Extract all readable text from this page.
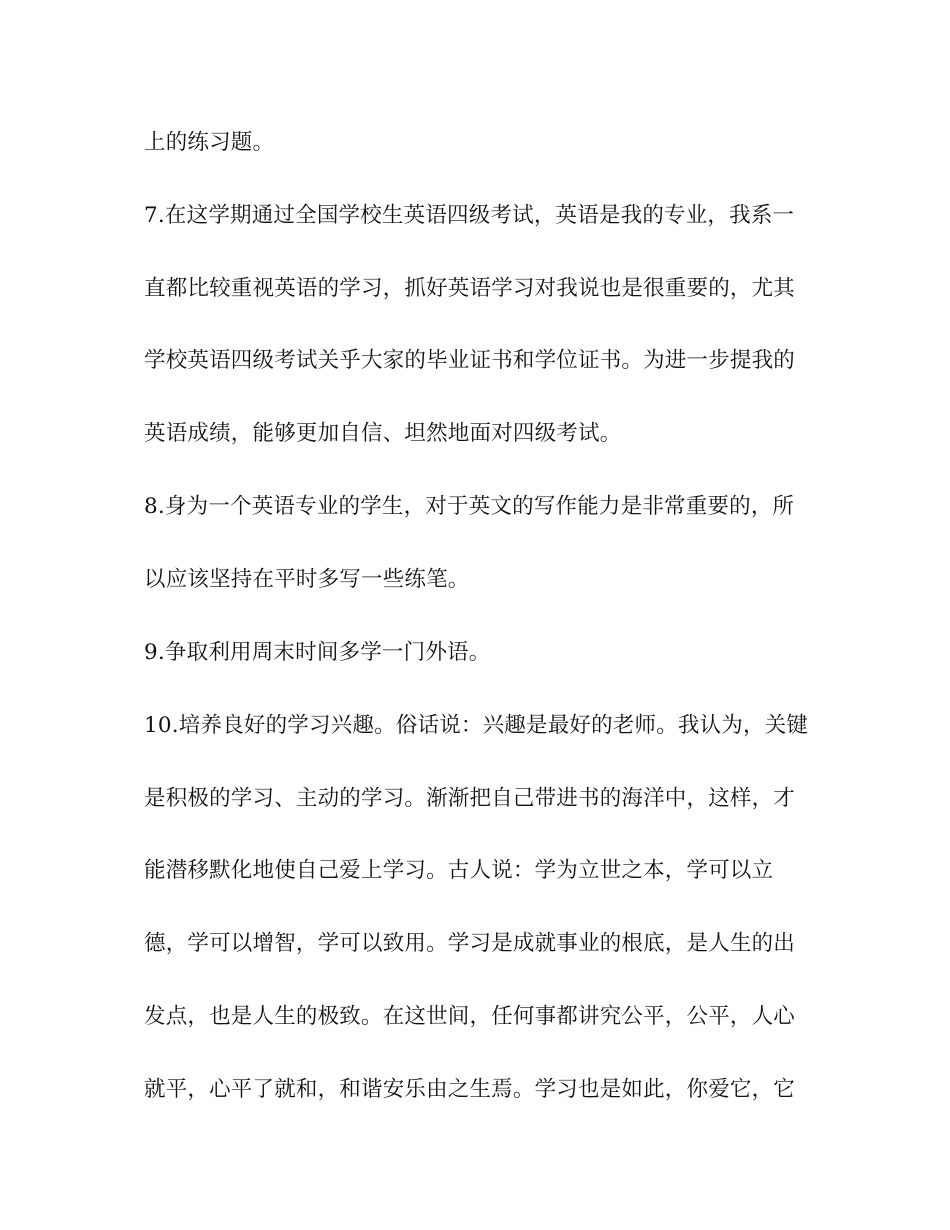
上的练习题。
7.在这学期通过全国学校生英语四级考试，英语是我的专业，我系一
直都比较重视英语的学习，抓好英语学习对我说也是很重要的，尤其
学校英语四级考试关乎大家的毕业证书和学位证书。为进一步提我的
英语成绩，能够更加自信、坦然地面对四级考试。
8.身为一个英语专业的学生，对于英文的写作能力是非常重要的，所
以应该坚持在平时多写一些练笔。
9.争取利用周末时间多学一门外语。
10.培养良好的学习兴趣。俗话说：兴趣是最好的老师。我认为，关键
是积极的学习、主动的学习。渐渐把自己带进书的海洋中，这样，才
能潜移默化地使自己爱上学习。古人说：学为立世之本，学可以立
德，学可以增智，学可以致用。学习是成就事业的根底，是人生的出
发点，也是人生的极致。在这世间，任何事都讲究公平，公平，人心
就平，心平了就和，和谐安乐由之生焉。学习也是如此，你爱它，它
